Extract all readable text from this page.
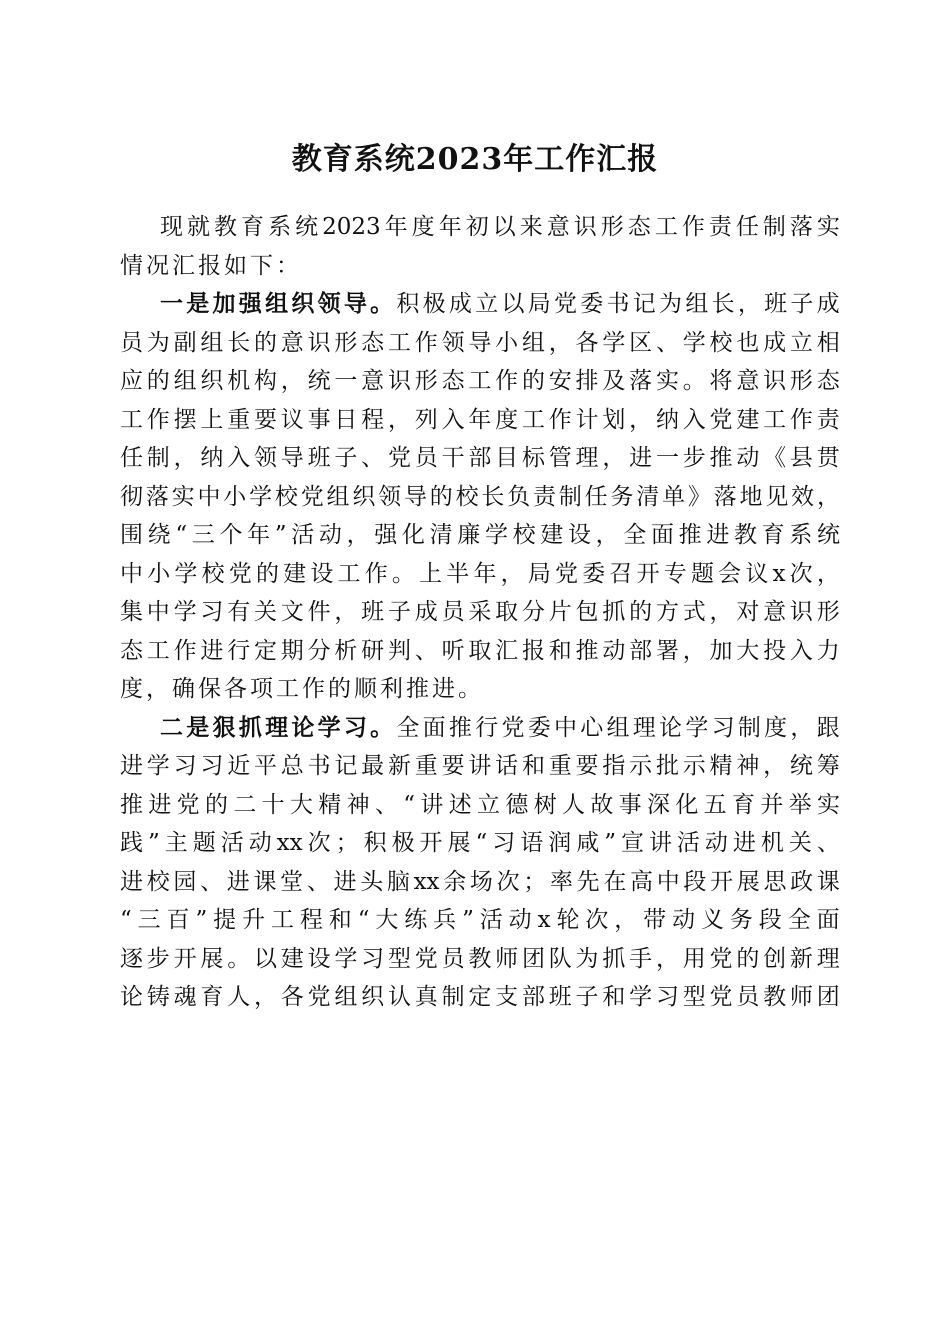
教育系统2023年工作汇报
现 就 教 育 系 统 2023 年 度 年 初 以 来 意 识 形 态 工 作 责 任 制 落 实
情况汇报如下：
一 是 加 强 组 织 领 导 。 积 极 成 立 以 局 党 委 书 记 为 组 长 ， 班 子 成
员 为 副 组 长 的 意 识 形 态 工 作 领 导 小 组 ， 各 学 区 、 学 校 也 成 立 相
应 的 组 织 机 构 ， 统 一 意 识 形 态 工 作 的 安 排 及 落 实 。 将 意 识 形 态
工 作 摆 上 重 要 议 事 日 程 ， 列 入 年 度 工 作 计 划 ， 纳 入 党 建 工 作 责
任 制 ， 纳 入 领 导 班 子 、 党 员 干 部 目 标 管 理 ， 进 一 步 推 动 《 县 贯
彻 落 实 中 小 学 校 党 组 织 领 导 的 校 长 负 责 制 任 务 清 单 》 落 地 见 效 ，
围 绕 “ 三 个 年 ” 活 动 ， 强 化 清 廉 学 校 建 设 ， 全 面 推 进 教 育 系 统
中 小 学 校 党 的 建 设 工 作 。 上 半 年 ， 局 党 委 召 开 专 题 会 议 x 次 ，
集 中 学 习 有 关 文 件 ， 班 子 成 员 采 取 分 片 包 抓 的 方 式 ， 对 意 识 形
态 工 作 进 行 定 期 分 析 研 判 、 听 取 汇 报 和 推 动 部 署 ， 加 大 投 入 力
度，确保各项工作的顺利推进。
二 是 狠 抓 理 论 学 习 。 全 面 推 行 党 委 中 心 组 理 论 学 习 制 度 ， 跟
进 学 习 习 近 平 总 书 记 最 新 重 要 讲 话 和 重 要 指 示 批 示 精 神 ， 统 筹
推 进 党 的 二 十 大 精 神 、 “ 讲 述 立 德 树 人 故 事 深 化 五 育 并 举 实
践 ” 主 题 活 动 xx 次 ； 积 极 开 展 “ 习 语 润 咸 ” 宣 讲 活 动 进 机 关 、
进 校 园 、 进 课 堂 、 进 头 脑 xx 余 场 次 ； 率 先 在 高 中 段 开 展 思 政 课
“ 三 百 ” 提 升 工 程 和 “ 大 练 兵 ” 活 动 x 轮 次 ， 带 动 义 务 段 全 面
逐 步 开 展 。 以 建 设 学 习 型 党 员 教 师 团 队 为 抓 手 ， 用 党 的 创 新 理
论 铸 魂 育 人 ， 各 党 组 织 认 真 制 定 支 部 班 子 和 学 习 型 党 员 教 师 团
